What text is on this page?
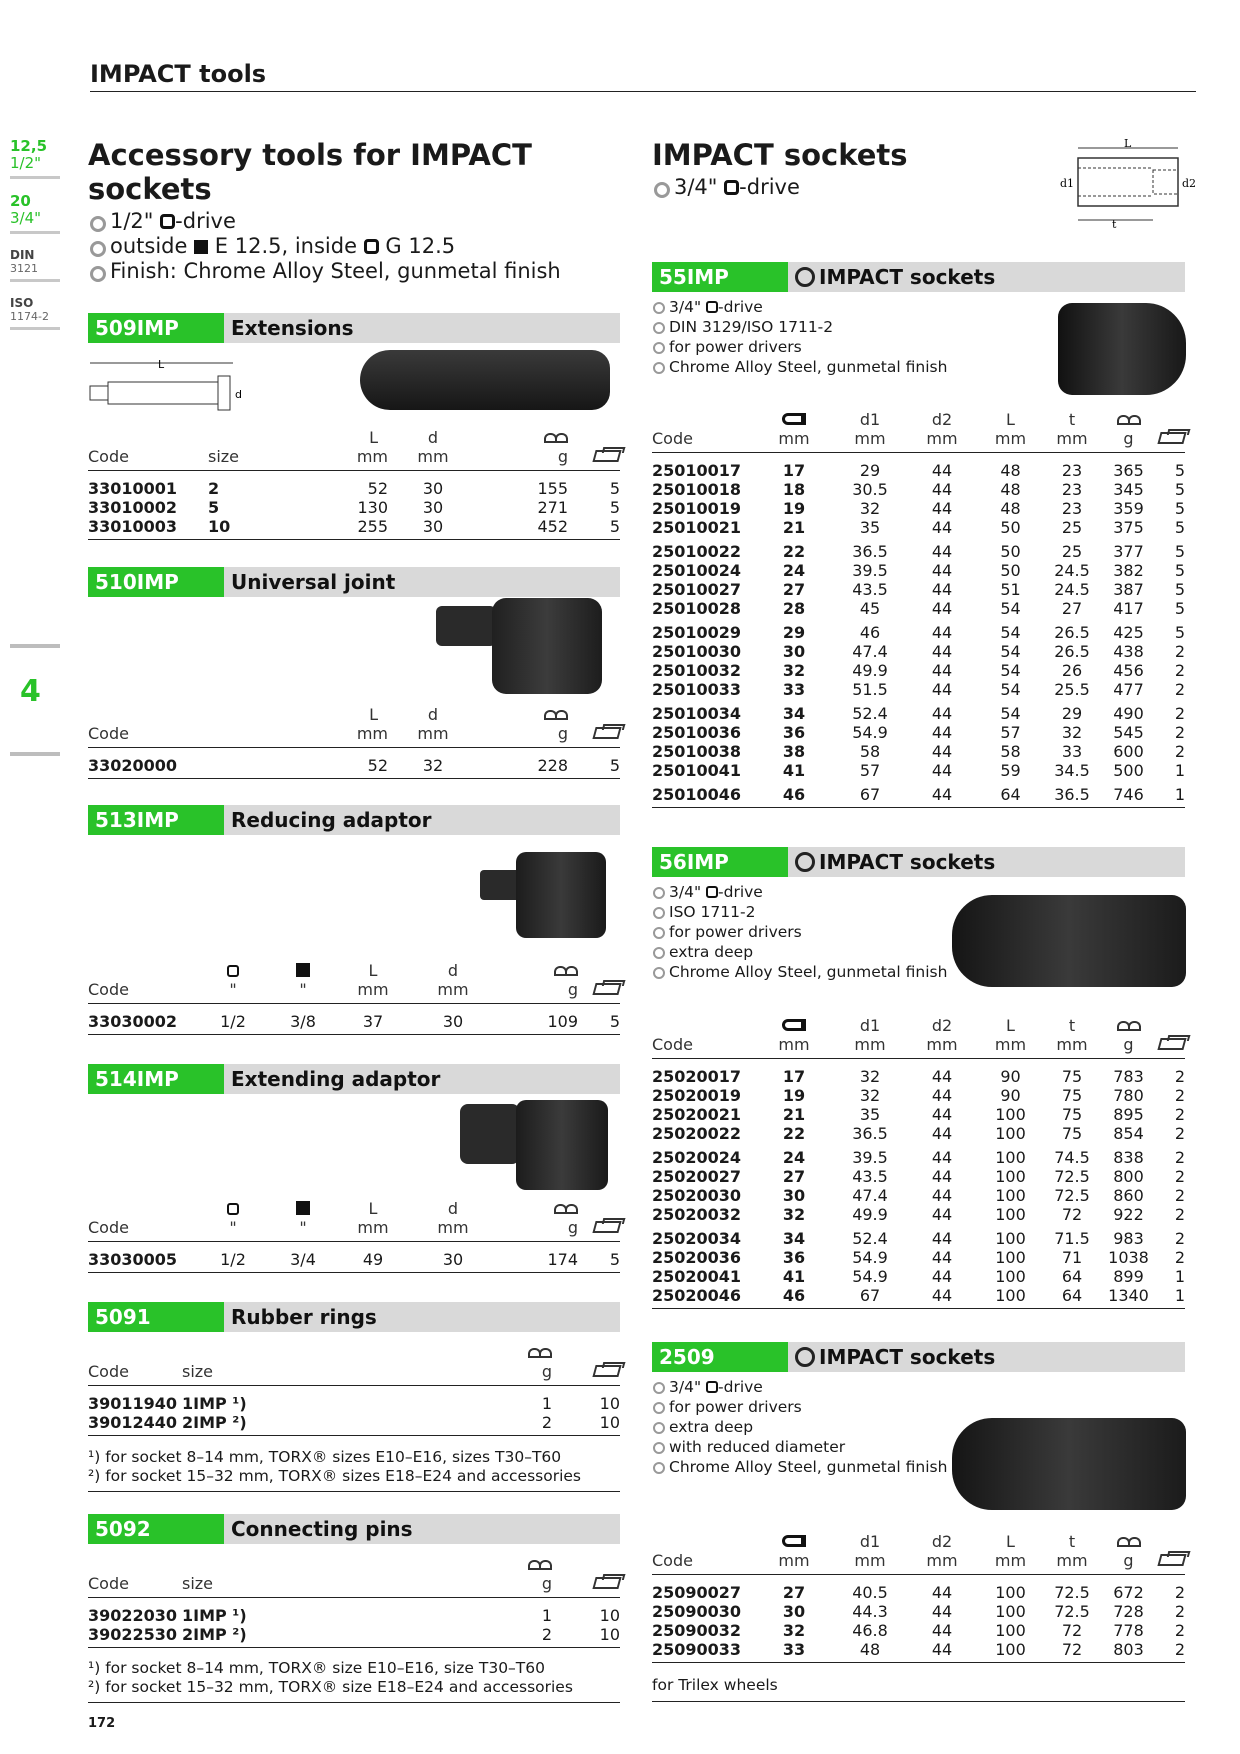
IMPACT tools
12,5
1/2"
20
3/4"
DIN
3121
ISO
1174-2
4
Accessory tools for IMPACT sockets
1/2" -drive
outside E 12.5, inside G 12.5
Finish: Chrome Alloy Steel, gunmetal finish
IMPACT sockets
3/4" -drive
L
d1	d2
t
509IMP	Extensions
L
d
		L	d		
Code	size	mm	mm	g	
33010001	2	52	30	155	5
33010002	5	130	30	271	5
33010003	10	255	30	452	5
510IMP	Universal joint
	L	d		
Code	mm	mm	g	
33020000	52	32	228	5
513IMP	Reducing adaptor
			L	d		
Code	"	"	mm	mm	g	
33030002	1/2	3/8	37	30	109	5
514IMP	Extending adaptor
			L	d		
Code	"	"	mm	mm	g	
33030005	1/2	3/4	49	30	174	5
5091	Rubber rings

Code	size	g	
39011940	1IMP ¹)	1	10
39012440	2IMP ²)	2	10
¹) for socket 8–14 mm, TORX® sizes E10–E16, sizes T30–T60
²) for socket 15–32 mm, TORX® sizes E18–E24 and accessories
5092	Connecting pins

Code	size	g	
39022030	1IMP ¹)	1	10
39022530	2IMP ²)	2	10
¹) for socket 8–14 mm, TORX® size E10–E16, size T30–T60
²) for socket 15–32 mm, TORX® size E18–E24 and accessories
55IMP	IMPACT sockets
3/4" -drive
DIN 3129/ISO 1711-2
for power drivers
Chrome Alloy Steel, gunmetal finish
		d1	d2	L	t		
Code	mm	mm	mm	mm	mm	g	
25010017	17	29	44	48	23	365	5
25010018	18	30.5	44	48	23	345	5
25010019	19	32	44	48	23	359	5
25010021	21	35	44	50	25	375	5
25010022	22	36.5	44	50	25	377	5
25010024	24	39.5	44	50	24.5	382	5
25010027	27	43.5	44	51	24.5	387	5
25010028	28	45	44	54	27	417	5
25010029	29	46	44	54	26.5	425	5
25010030	30	47.4	44	54	26.5	438	2
25010032	32	49.9	44	54	26	456	2
25010033	33	51.5	44	54	25.5	477	2
25010034	34	52.4	44	54	29	490	2
25010036	36	54.9	44	57	32	545	2
25010038	38	58	44	58	33	600	2
25010041	41	57	44	59	34.5	500	1
25010046	46	67	44	64	36.5	746	1
56IMP	IMPACT sockets
3/4" -drive
ISO 1711-2
for power drivers
extra deep
Chrome Alloy Steel, gunmetal finish
		d1	d2	L	t		
Code	mm	mm	mm	mm	mm	g	
25020017	17	32	44	90	75	783	2
25020019	19	32	44	90	75	780	2
25020021	21	35	44	100	75	895	2
25020022	22	36.5	44	100	75	854	2
25020024	24	39.5	44	100	74.5	838	2
25020027	27	43.5	44	100	72.5	800	2
25020030	30	47.4	44	100	72.5	860	2
25020032	32	49.9	44	100	72	922	2
25020034	34	52.4	44	100	71.5	983	2
25020036	36	54.9	44	100	71	1038	2
25020041	41	54.9	44	100	64	899	1
25020046	46	67	44	100	64	1340	1
2509	IMPACT sockets
3/4" -drive
for power drivers
extra deep
with reduced diameter
Chrome Alloy Steel, gunmetal finish
		d1	d2	L	t		
Code	mm	mm	mm	mm	mm	g	
25090027	27	40.5	44	100	72.5	672	2
25090030	30	44.3	44	100	72.5	728	2
25090032	32	46.8	44	100	72	778	2
25090033	33	48	44	100	72	803	2
for Trilex wheels
172
